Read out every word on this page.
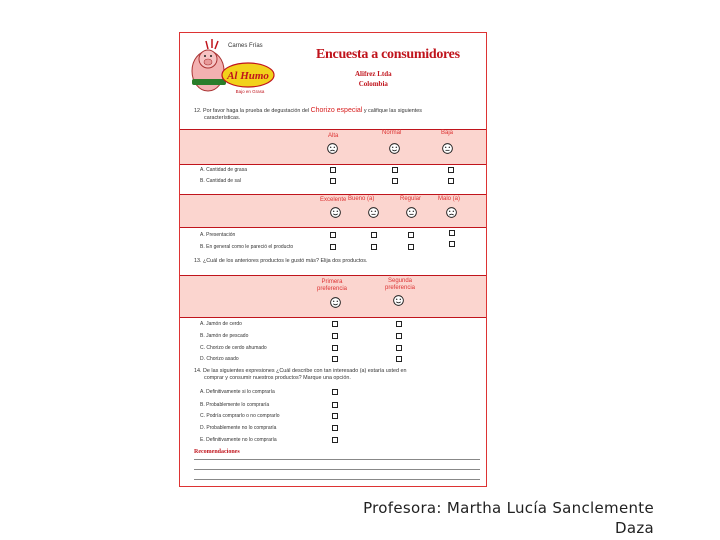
Al Humo
Bajo en Grasa
Carnes Frías
Encuesta a consumidores
Alifrez Ltda
Colombia
12. Por favor haga la prueba de degustación del Chorizo especial y califique las siguientes
características.
Alta	Normal	Baja
A. Cantidad de grasa
B. Cantidad de sal
Excelente Bueno (a)	Regular	Malo (a)
A. Presentación
B. En general como le pareció el producto
13. ¿Cuál de los anteriores productos le gustó más? Elija dos productos.
Primera preferencia
Segunda preferencia
A. Jamón de cerdo
B. Jamón de pescado
C. Chorizo de cerdo ahumado
D. Chorizo asado
14. De las siguientes expresiones ¿Cuál describe con tan interesado (a) estaría usted en
comprar y consumir nuestros productos? Marque una opción.
A. Definitivamente si lo compraría
B. Probablemente lo compraría
C. Podría comprarlo o no comprarlo
D. Probablemente no lo compraría
E. Definitivamente no lo compraría
Recomendaciones
Profesora: Martha Lucía Sanclemente
Daza
